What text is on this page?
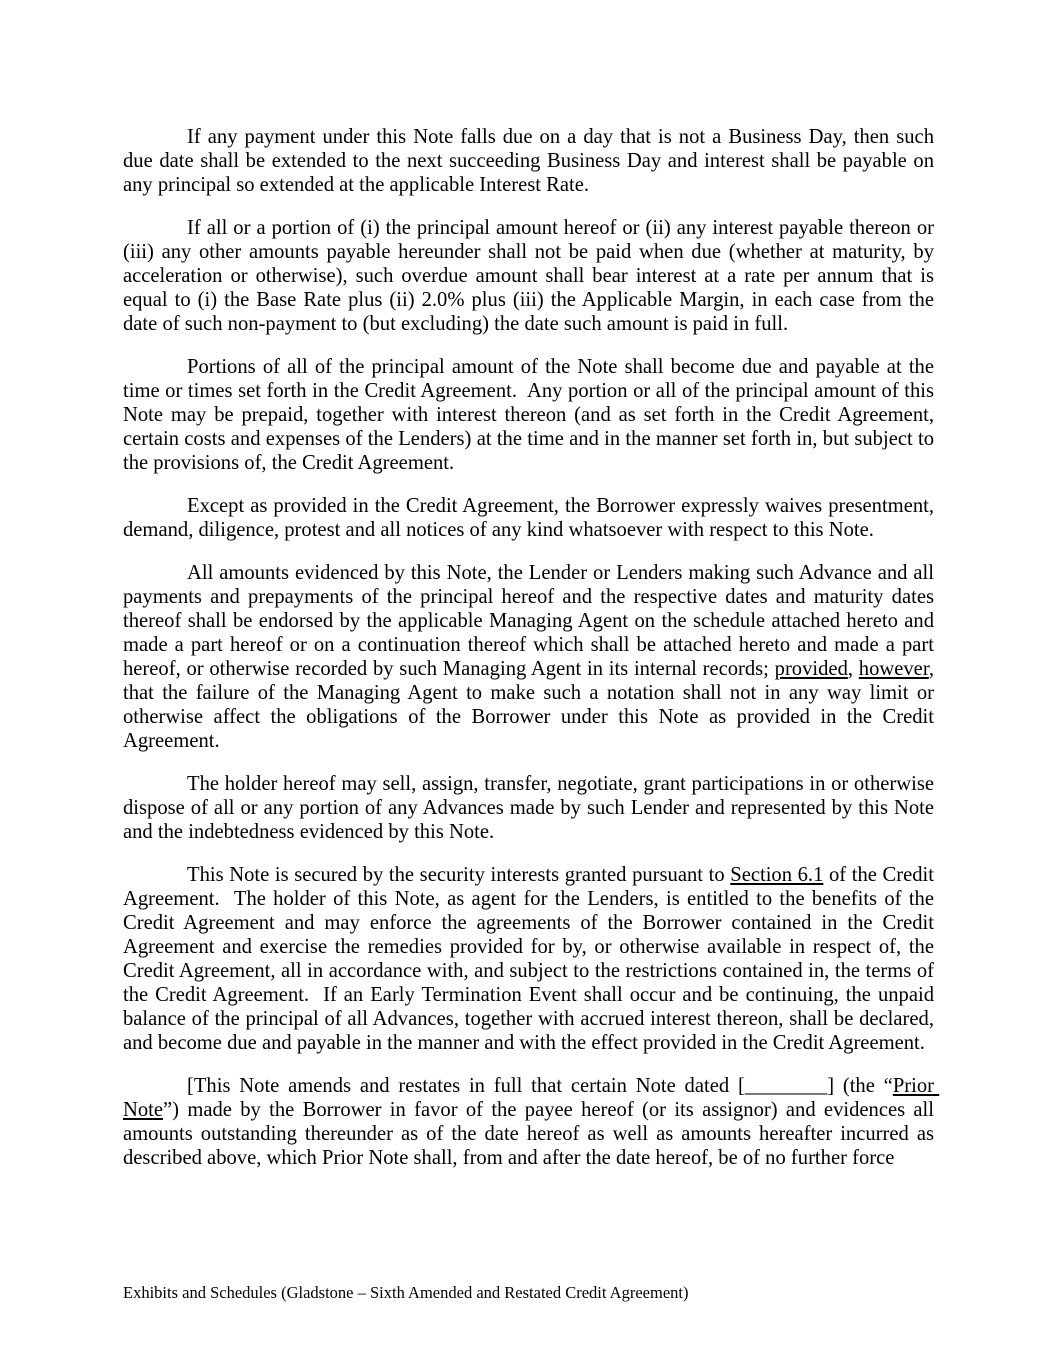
If any payment under this Note falls due on a day that is not a Business Day, then such due date shall be extended to the next succeeding Business Day and interest shall be payable on any principal so extended at the applicable Interest Rate.

If all or a portion of (i) the principal amount hereof or (ii) any interest payable thereon or (iii) any other amounts payable hereunder shall not be paid when due (whether at maturity, by acceleration or otherwise), such overdue amount shall bear interest at a rate per annum that is equal to (i) the Base Rate plus (ii) 2.0% plus (iii) the Applicable Margin, in each case from the date of such non-payment to (but excluding) the date such amount is paid in full.

Portions of all of the principal amount of the Note shall become due and payable at the time or times set forth in the Credit Agreement.  Any portion or all of the principal amount of this Note may be prepaid, together with interest thereon (and as set forth in the Credit Agreement, certain costs and expenses of the Lenders) at the time and in the manner set forth in, but subject to the provisions of, the Credit Agreement.

Except as provided in the Credit Agreement, the Borrower expressly waives presentment, demand, diligence, protest and all notices of any kind whatsoever with respect to this Note.

All amounts evidenced by this Note, the Lender or Lenders making such Advance and all payments and prepayments of the principal hereof and the respective dates and maturity dates thereof shall be endorsed by the applicable Managing Agent on the schedule attached hereto and made a part hereof or on a continuation thereof which shall be attached hereto and made a part hereof, or otherwise recorded by such Managing Agent in its internal records; provided, however, that the failure of the Managing Agent to make such a notation shall not in any way limit or otherwise affect the obligations of the Borrower under this Note as provided in the Credit Agreement.

The holder hereof may sell, assign, transfer, negotiate, grant participations in or otherwise dispose of all or any portion of any Advances made by such Lender and represented by this Note and the indebtedness evidenced by this Note.

This Note is secured by the security interests granted pursuant to Section 6.1 of the Credit Agreement.  The holder of this Note, as agent for the Lenders, is entitled to the benefits of the Credit Agreement and may enforce the agreements of the Borrower contained in the Credit Agreement and exercise the remedies provided for by, or otherwise available in respect of, the Credit Agreement, all in accordance with, and subject to the restrictions contained in, the terms of the Credit Agreement.  If an Early Termination Event shall occur and be continuing, the unpaid balance of the principal of all Advances, together with accrued interest thereon, shall be declared, and become due and payable in the manner and with the effect provided in the Credit Agreement.

[This Note amends and restates in full that certain Note dated [________] (the “Prior Note”) made by the Borrower in favor of the payee hereof (or its assignor) and evidences all amounts outstanding thereunder as of the date hereof as well as amounts hereafter incurred as described above, which Prior Note shall, from and after the date hereof, be of no further force

Exhibits and Schedules (Gladstone – Sixth Amended and Restated Credit Agreement)
